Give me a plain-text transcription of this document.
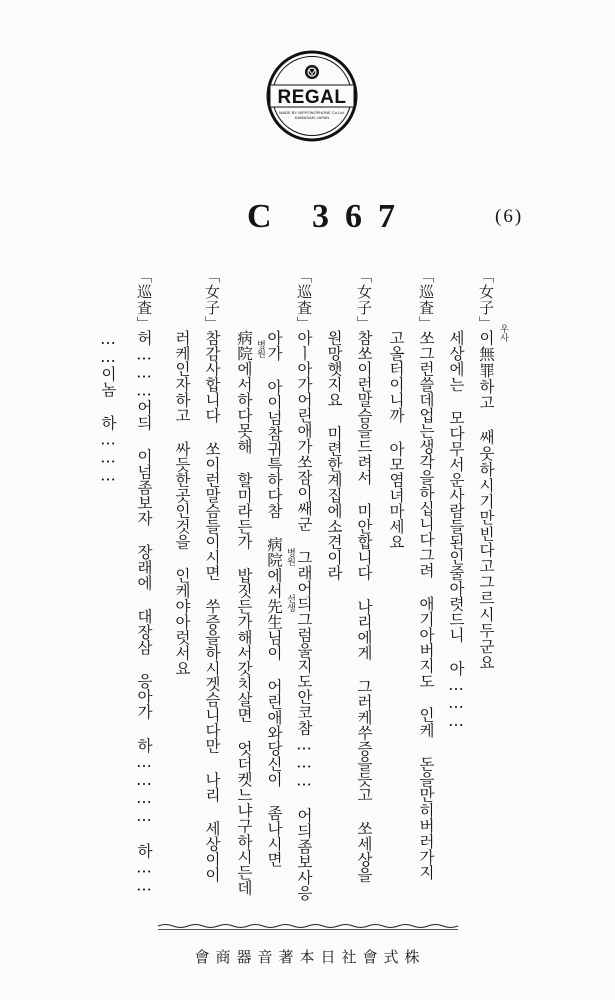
REGAL
MADE BY NIPPONOPHONE Co.Ltd.
KAWASAKI JAPAN
C 367	(6)
「女子」
이無罪하고 쌔웃하시기만빈다고그르시두군요 우사
세상에는 모다무서운사람들된인줄아렷드니 아………
「巡査」
쏘그런쓸데업는생각을하십니다그려 애기아버지도 인케 돈을만히버러가지
고올터이니까 아모염녀마세요
「女子」
참쏘이런말슴을드려서 미안합니다 나리에게 그러케쑤증을듯고 쏘세상을
원망햇지요 미련한계집에소견이라
「巡査」
아ㅣ아가어린애가쏘잠이쌔군 그래어듸그럼울지도안코참……… 어듸좀보사응
아가 아이넘참귀특하다참 病院에서先生님이 어린애와당신이 좀나시면 병원
선생
病院에서하다못해 할미라든가 밥짓든가해서갓치살면 엇더켓느냐구하시든데 병원
「女子」
참감사합니다 쏘이런말슴들이시면 쑤증을하시겟슴니다만 나리 세상이이
러케인자하고 싸듯한곳인것을 인케야아럿서요
「巡査」
허………어듸 이넘좀보자 장래에 대장삼 응아가 하………… 하……
……이놈 하………
會商器音著本日社會式株
